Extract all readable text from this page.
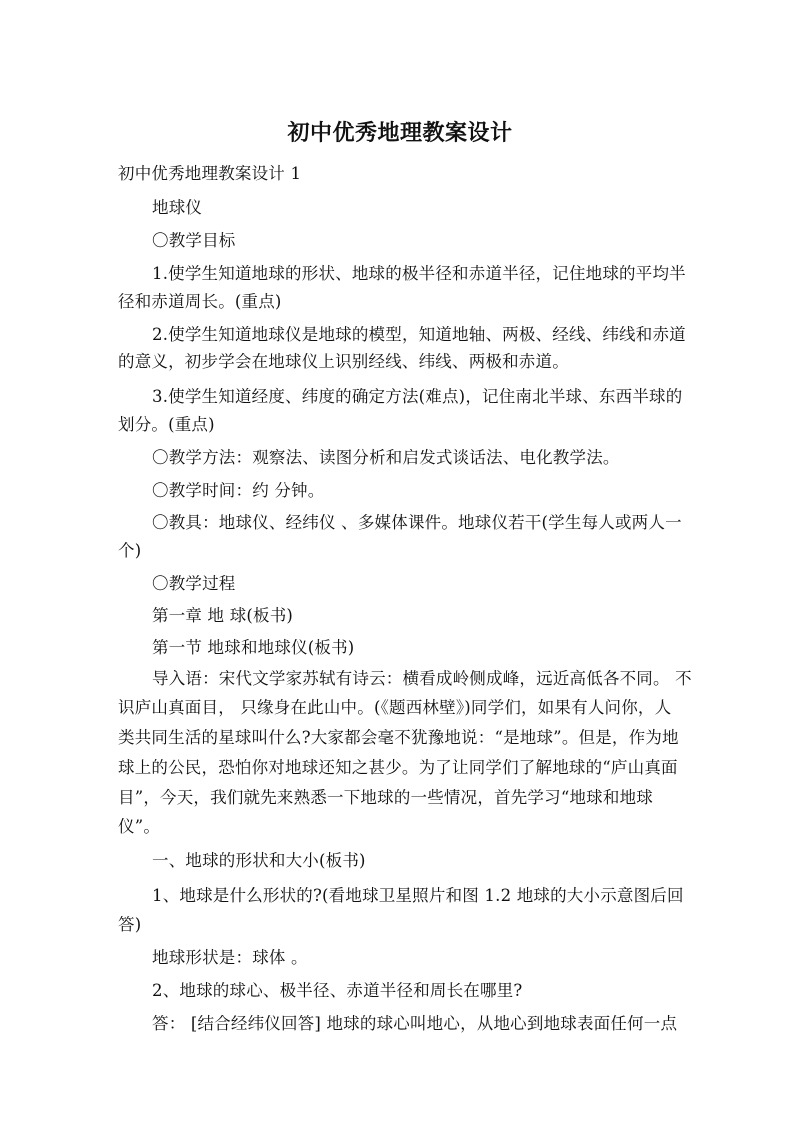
初中优秀地理教案设计
初中优秀地理教案设计 1
地球仪
〇教学目标
1.使学生知道地球的形状、地球的极半径和赤道半径，记住地球的平均半
径和赤道周长。(重点)
2.使学生知道地球仪是地球的模型，知道地轴、两极、经线、纬线和赤道
的意义，初步学会在地球仪上识别经线、纬线、两极和赤道。
3.使学生知道经度、纬度的确定方法(难点)，记住南北半球、东西半球的
划分。(重点)
〇教学方法：观察法、读图分析和启发式谈话法、电化教学法。
〇教学时间：约 分钟。
〇教具：地球仪、经纬仪 、多媒体课件。地球仪若干(学生每人或两人一
个)
〇教学过程
第一章 地 球(板书)
第一节 地球和地球仪(板书)
导入语：宋代文学家苏轼有诗云：横看成岭侧成峰，远近高低各不同。 不
识庐山真面目， 只缘身在此山中。(《题西林壁》)同学们，如果有人问你，人
类共同生活的星球叫什么?大家都会毫不犹豫地说：“是地球”。但是，作为地
球上的公民，恐怕你对地球还知之甚少。为了让同学们了解地球的“庐山真面
目”，今天，我们就先来熟悉一下地球的一些情况，首先学习“地球和地球
仪”。
一、地球的形状和大小(板书)
1、地球是什么形状的?(看地球卫星照片和图 1.2 地球的大小示意图后回
答)
地球形状是：球体 。
2、地球的球心、极半径、赤道半径和周长在哪里?
答： [结合经纬仪回答] 地球的球心叫地心，从地心到地球表面任何一点
